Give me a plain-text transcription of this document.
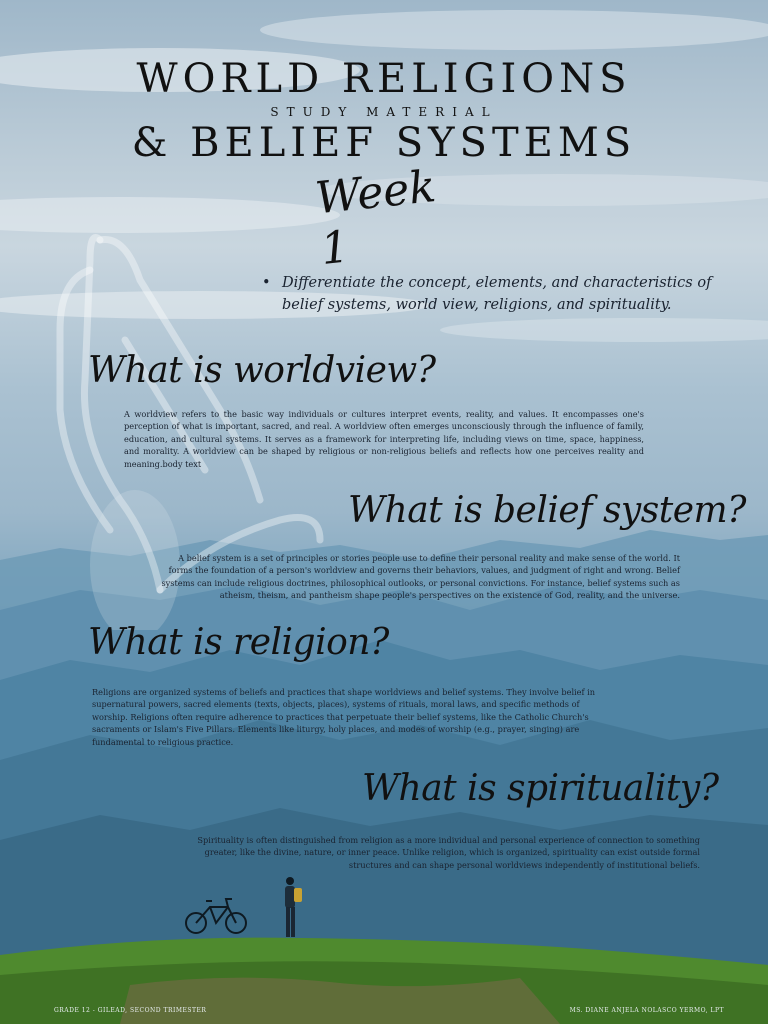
WORLD RELIGIONS
STUDY MATERIAL
& BELIEF SYSTEMS
Week 1
• Differentiate the concept, elements, and characteristics of belief systems, world view, religions, and spirituality.
What is worldview?
A worldview refers to the basic way individuals or cultures interpret events, reality, and values. It encompasses one's perception of what is important, sacred, and real. A worldview often emerges unconsciously through the influence of family, education, and cultural systems. It serves as a framework for interpreting life, including views on time, space, happiness, and morality. A worldview can be shaped by religious or non-religious beliefs and reflects how one perceives reality and meaning.body text
What is belief system?
A belief system is a set of principles or stories people use to define their personal reality and make sense of the world. It forms the foundation of a person's worldview and governs their behaviors, values, and judgment of right and wrong. Belief systems can include religious doctrines, philosophical outlooks, or personal convictions. For instance, belief systems such as atheism, theism, and pantheism shape people's perspectives on the existence of God, reality, and the universe.
What is religion?
Religions are organized systems of beliefs and practices that shape worldviews and belief systems. They involve belief in supernatural powers, sacred elements (texts, objects, places), systems of rituals, moral laws, and specific methods of worship. Religions often require adherence to practices that perpetuate their belief systems, like the Catholic Church's sacraments or Islam's Five Pillars. Elements like liturgy, holy places, and modes of worship (e.g., prayer, singing) are fundamental to religious practice.
What is spirituality?
Spirituality is often distinguished from religion as a more individual and personal experience of connection to something greater, like the divine, nature, or inner peace. Unlike religion, which is organized, spirituality can exist outside formal structures and can shape personal worldviews independently of institutional beliefs.
GRADE 12 - GILEAD, SECOND TRIMESTER	MS. DIANE ANJELA NOLASCO YERMO, LPT
